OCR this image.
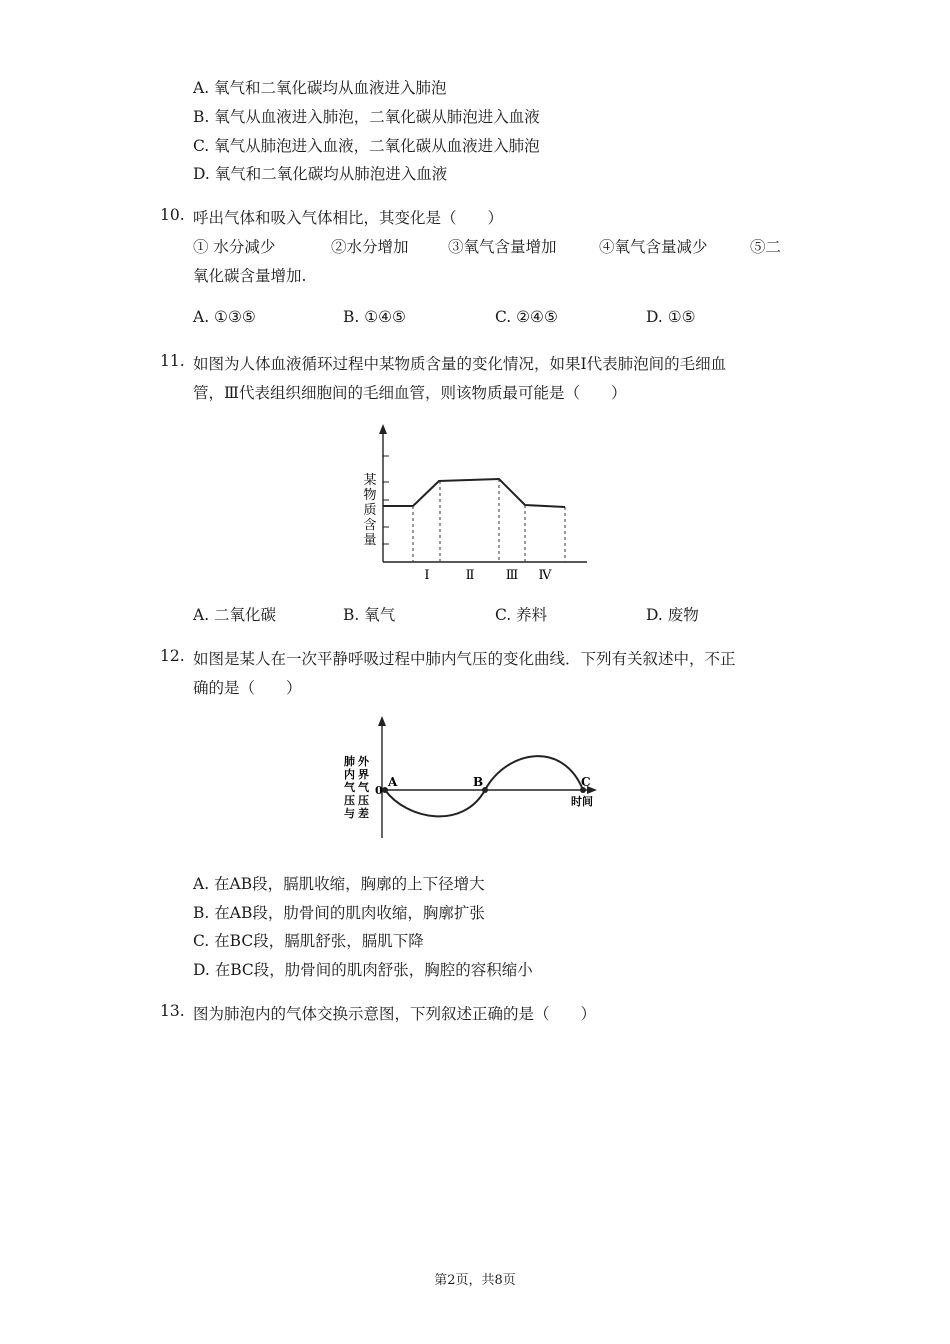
A. 氧气和二氧化碳均从血液进入肺泡
B. 氧气从血液进入肺泡，二氧化碳从肺泡进入血液
C. 氧气从肺泡进入血液，二氧化碳从血液进入肺泡
D. 氧气和二氧化碳均从肺泡进入血液
10. 呼出气体和吸入气体相比，其变化是（　　）
① 水分减少	②水分增加	③氧气含量增加	④氧气含量减少	⑤二
氧化碳含量增加.
A. ①③⑤	B. ①④⑤	C. ②④⑤	D. ①⑤
11. 如图为人体血液循环过程中某物质含量的变化情况，如果Ⅰ代表肺泡间的毛细血
管，Ⅲ代表组织细胞间的毛细血管，则该物质最可能是（　　）
某
物
质
含
量
Ⅰ	Ⅱ Ⅲ Ⅳ
A. 二氧化碳	B. 氧气	C. 养料	D. 废物
12. 如图是某人在一次平静呼吸过程中肺内气压的变化曲线．下列有关叙述中，不正
确的是（　　）
0
A	B	C
时间
肺
内
气
压
与
外
界
气
压
差
A. 在AB段，膈肌收缩，胸廓的上下径增大
B. 在AB段，肋骨间的肌肉收缩，胸廓扩张
C. 在BC段，膈肌舒张，膈肌下降
D. 在BC段，肋骨间的肌肉舒张，胸腔的容积缩小
13. 图为肺泡内的气体交换示意图，下列叙述正确的是（　　）
第2页，共8页
